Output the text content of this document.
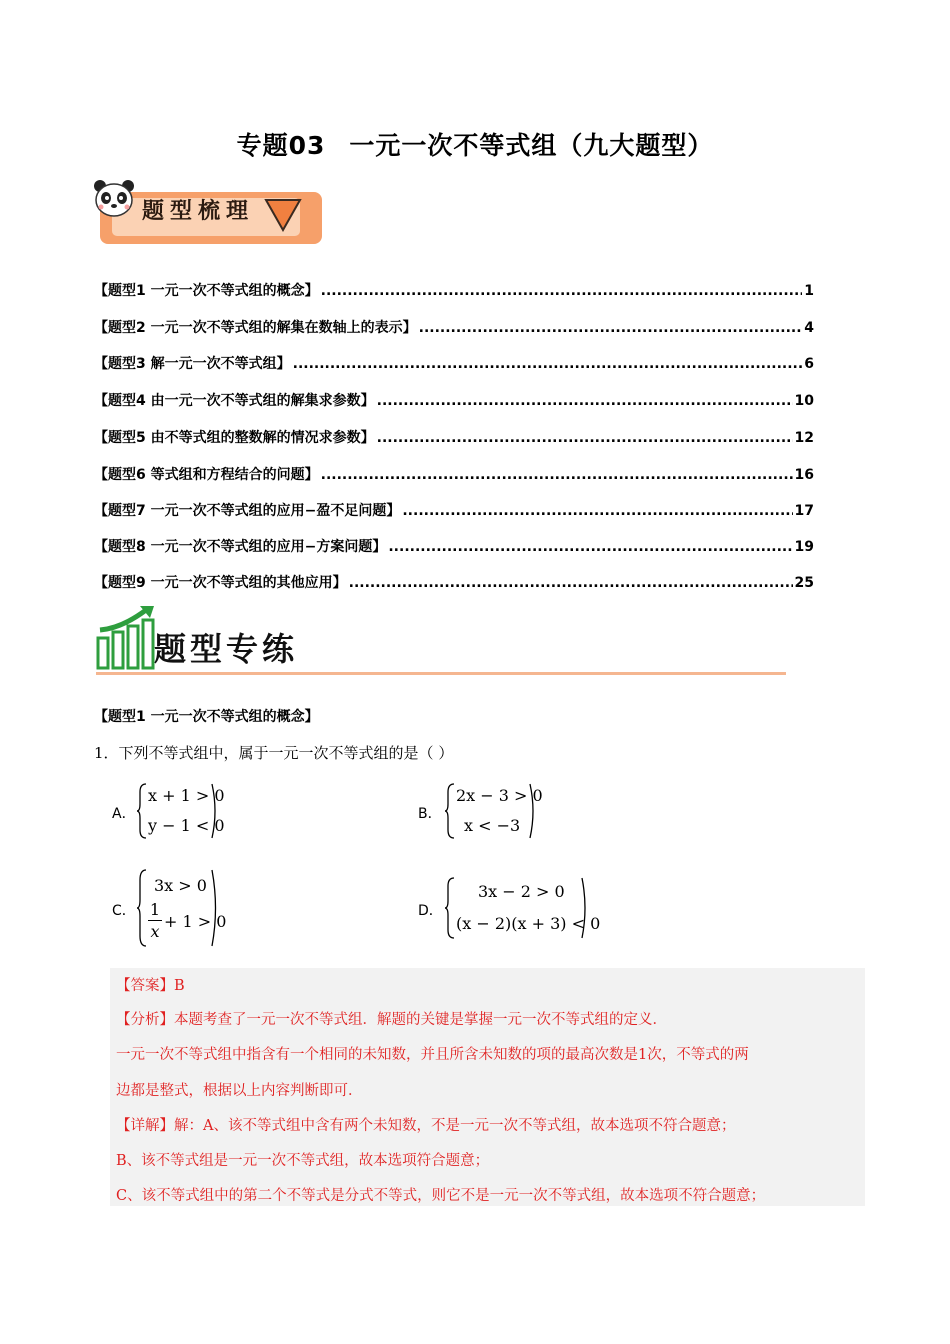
专题03 一元一次不等式组（九大题型）
题型梳理
【题型1 一元一次不等式组的概念】 .....	1
【题型2 一元一次不等式组的解集在数轴上的表示】 .....	4
【题型3 解一元一次不等式组】 .....	6
【题型4 由一元一次不等式组的解集求参数】 .....	10
【题型5 由不等式组的整数解的情况求参数】 .....	12
【题型6 等式组和方程结合的问题】 .....	16
【题型7 一元一次不等式组的应用−盈不足问题】 .....	17
【题型8 一元一次不等式组的应用−方案问题】 .....	19
【题型9 一元一次不等式组的其他应用】 .....	25
题型专练
【题型1 一元一次不等式组的概念】
1．下列不等式组中，属于一元一次不等式组的是（ ）
A．
x + 1 > 0
y − 1 < 0
B．
2x − 3 > 0
x < −3
C．
3x > 0
1
x
+ 1 > 0
D．
3x − 2 > 0
(x − 2)(x + 3) < 0

【答案】B

【分析】本题考查了一元一次不等式组．解题的关键是掌握一元一次不等式组的定义．

一元一次不等式组中指含有一个相同的未知数，并且所含未知数的项的最高次数是1次，不等式的两

边都是整式，根据以上内容判断即可．

【详解】解：A、该不等式组中含有两个未知数，不是一元一次不等式组，故本选项不符合题意；

B、该不等式组是一元一次不等式组，故本选项符合题意；

C、该不等式组中的第二个不等式是分式不等式，则它不是一元一次不等式组，故本选项不符合题意；
